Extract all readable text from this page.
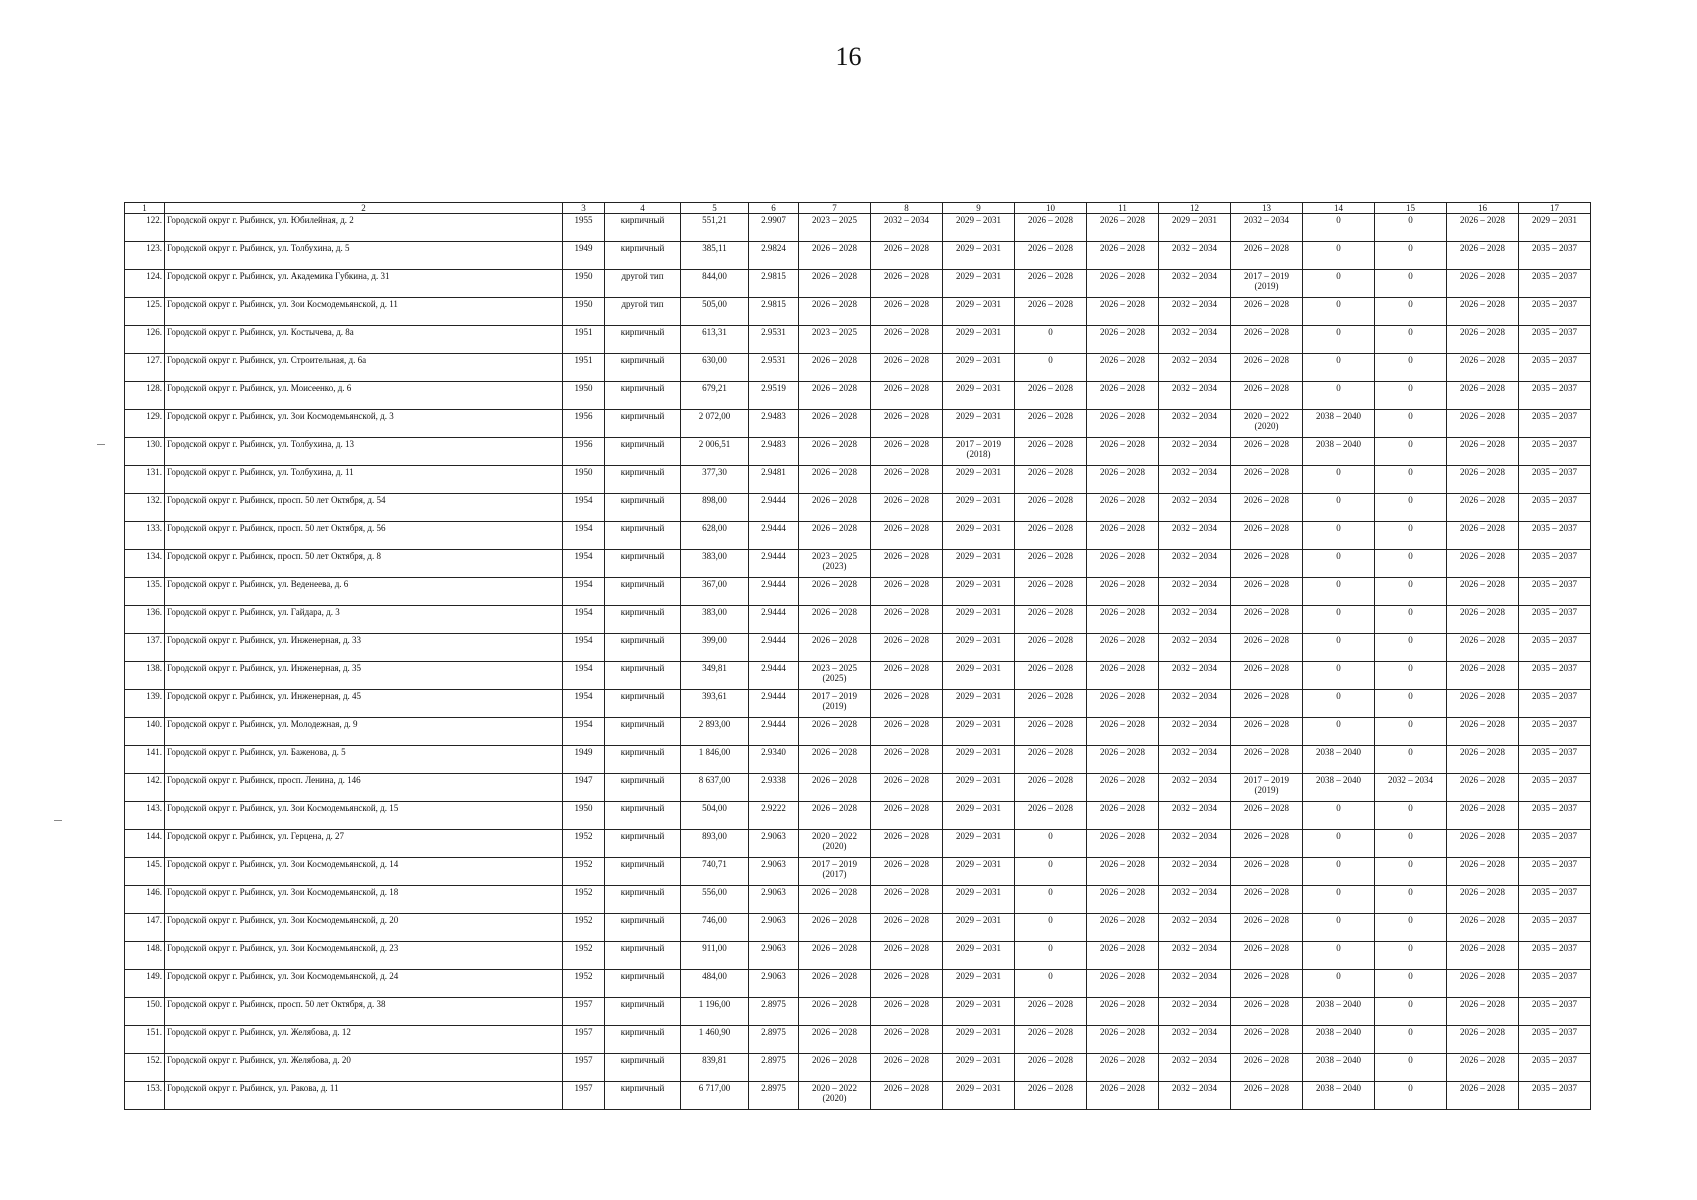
16
1	2	3	4	5	6	7	8	9	10	11	12	13	14	15	16	17
122.	Городской округ г. Рыбинск, ул. Юбилейная, д. 2	1955	кирпичный	551,21	2.9907	2023 – 2025	2032 – 2034	2029 – 2031	2026 – 2028	2026 – 2028	2029 – 2031	2032 – 2034	0	0	2026 – 2028	2029 – 2031
123.	Городской округ г. Рыбинск, ул. Толбухина, д. 5	1949	кирпичный	385,11	2.9824	2026 – 2028	2026 – 2028	2029 – 2031	2026 – 2028	2026 – 2028	2032 – 2034	2026 – 2028	0	0	2026 – 2028	2035 – 2037
124.	Городской округ г. Рыбинск, ул. Академика Губкина, д. 31	1950	другой тип	844,00	2.9815	2026 – 2028	2026 – 2028	2029 – 2031	2026 – 2028	2026 – 2028	2032 – 2034	2017 – 2019 (2019)	0	0	2026 – 2028	2035 – 2037
125.	Городской округ г. Рыбинск, ул. Зои Космодемьянской, д. 11	1950	другой тип	505,00	2.9815	2026 – 2028	2026 – 2028	2029 – 2031	2026 – 2028	2026 – 2028	2032 – 2034	2026 – 2028	0	0	2026 – 2028	2035 – 2037
126.	Городской округ г. Рыбинск, ул. Костычева, д. 8а	1951	кирпичный	613,31	2.9531	2023 – 2025	2026 – 2028	2029 – 2031	0	2026 – 2028	2032 – 2034	2026 – 2028	0	0	2026 – 2028	2035 – 2037
127.	Городской округ г. Рыбинск, ул. Строительная, д. 6а	1951	кирпичный	630,00	2.9531	2026 – 2028	2026 – 2028	2029 – 2031	0	2026 – 2028	2032 – 2034	2026 – 2028	0	0	2026 – 2028	2035 – 2037
128.	Городской округ г. Рыбинск, ул. Моисеенко, д. 6	1950	кирпичный	679,21	2.9519	2026 – 2028	2026 – 2028	2029 – 2031	2026 – 2028	2026 – 2028	2032 – 2034	2026 – 2028	0	0	2026 – 2028	2035 – 2037
129.	Городской округ г. Рыбинск, ул. Зои Космодемьянской, д. 3	1956	кирпичный	2 072,00	2.9483	2026 – 2028	2026 – 2028	2029 – 2031	2026 – 2028	2026 – 2028	2032 – 2034	2020 – 2022 (2020)	2038 – 2040	0	2026 – 2028	2035 – 2037
130.	Городской округ г. Рыбинск, ул. Толбухина, д. 13	1956	кирпичный	2 006,51	2.9483	2026 – 2028	2026 – 2028	2017 – 2019 (2018)	2026 – 2028	2026 – 2028	2032 – 2034	2026 – 2028	2038 – 2040	0	2026 – 2028	2035 – 2037
131.	Городской округ г. Рыбинск, ул. Толбухина, д. 11	1950	кирпичный	377,30	2.9481	2026 – 2028	2026 – 2028	2029 – 2031	2026 – 2028	2026 – 2028	2032 – 2034	2026 – 2028	0	0	2026 – 2028	2035 – 2037
132.	Городской округ г. Рыбинск, просп. 50 лет Октября, д. 54	1954	кирпичный	898,00	2.9444	2026 – 2028	2026 – 2028	2029 – 2031	2026 – 2028	2026 – 2028	2032 – 2034	2026 – 2028	0	0	2026 – 2028	2035 – 2037
133.	Городской округ г. Рыбинск, просп. 50 лет Октября, д. 56	1954	кирпичный	628,00	2.9444	2026 – 2028	2026 – 2028	2029 – 2031	2026 – 2028	2026 – 2028	2032 – 2034	2026 – 2028	0	0	2026 – 2028	2035 – 2037
134.	Городской округ г. Рыбинск, просп. 50 лет Октября, д. 8	1954	кирпичный	383,00	2.9444	2023 – 2025 (2023)	2026 – 2028	2029 – 2031	2026 – 2028	2026 – 2028	2032 – 2034	2026 – 2028	0	0	2026 – 2028	2035 – 2037
135.	Городской округ г. Рыбинск, ул. Веденеева, д. 6	1954	кирпичный	367,00	2.9444	2026 – 2028	2026 – 2028	2029 – 2031	2026 – 2028	2026 – 2028	2032 – 2034	2026 – 2028	0	0	2026 – 2028	2035 – 2037
136.	Городской округ г. Рыбинск, ул. Гайдара, д. 3	1954	кирпичный	383,00	2.9444	2026 – 2028	2026 – 2028	2029 – 2031	2026 – 2028	2026 – 2028	2032 – 2034	2026 – 2028	0	0	2026 – 2028	2035 – 2037
137.	Городской округ г. Рыбинск, ул. Инженерная, д. 33	1954	кирпичный	399,00	2.9444	2026 – 2028	2026 – 2028	2029 – 2031	2026 – 2028	2026 – 2028	2032 – 2034	2026 – 2028	0	0	2026 – 2028	2035 – 2037
138.	Городской округ г. Рыбинск, ул. Инженерная, д. 35	1954	кирпичный	349,81	2.9444	2023 – 2025 (2025)	2026 – 2028	2029 – 2031	2026 – 2028	2026 – 2028	2032 – 2034	2026 – 2028	0	0	2026 – 2028	2035 – 2037
139.	Городской округ г. Рыбинск, ул. Инженерная, д. 45	1954	кирпичный	393,61	2.9444	2017 – 2019 (2019)	2026 – 2028	2029 – 2031	2026 – 2028	2026 – 2028	2032 – 2034	2026 – 2028	0	0	2026 – 2028	2035 – 2037
140.	Городской округ г. Рыбинск, ул. Молодежная, д. 9	1954	кирпичный	2 893,00	2.9444	2026 – 2028	2026 – 2028	2029 – 2031	2026 – 2028	2026 – 2028	2032 – 2034	2026 – 2028	0	0	2026 – 2028	2035 – 2037
141.	Городской округ г. Рыбинск, ул. Баженова, д. 5	1949	кирпичный	1 846,00	2.9340	2026 – 2028	2026 – 2028	2029 – 2031	2026 – 2028	2026 – 2028	2032 – 2034	2026 – 2028	2038 – 2040	0	2026 – 2028	2035 – 2037
142.	Городской округ г. Рыбинск, просп. Ленина, д. 146	1947	кирпичный	8 637,00	2.9338	2026 – 2028	2026 – 2028	2029 – 2031	2026 – 2028	2026 – 2028	2032 – 2034	2017 – 2019 (2019)	2038 – 2040	2032 – 2034	2026 – 2028	2035 – 2037
143.	Городской округ г. Рыбинск, ул. Зои Космодемьянской, д. 15	1950	кирпичный	504,00	2.9222	2026 – 2028	2026 – 2028	2029 – 2031	2026 – 2028	2026 – 2028	2032 – 2034	2026 – 2028	0	0	2026 – 2028	2035 – 2037
144.	Городской округ г. Рыбинск, ул. Герцена, д. 27	1952	кирпичный	893,00	2.9063	2020 – 2022 (2020)	2026 – 2028	2029 – 2031	0	2026 – 2028	2032 – 2034	2026 – 2028	0	0	2026 – 2028	2035 – 2037
145.	Городской округ г. Рыбинск, ул. Зои Космодемьянской, д. 14	1952	кирпичный	740,71	2.9063	2017 – 2019 (2017)	2026 – 2028	2029 – 2031	0	2026 – 2028	2032 – 2034	2026 – 2028	0	0	2026 – 2028	2035 – 2037
146.	Городской округ г. Рыбинск, ул. Зои Космодемьянской, д. 18	1952	кирпичный	556,00	2.9063	2026 – 2028	2026 – 2028	2029 – 2031	0	2026 – 2028	2032 – 2034	2026 – 2028	0	0	2026 – 2028	2035 – 2037
147.	Городской округ г. Рыбинск, ул. Зои Космодемьянской, д. 20	1952	кирпичный	746,00	2.9063	2026 – 2028	2026 – 2028	2029 – 2031	0	2026 – 2028	2032 – 2034	2026 – 2028	0	0	2026 – 2028	2035 – 2037
148.	Городской округ г. Рыбинск, ул. Зои Космодемьянской, д. 23	1952	кирпичный	911,00	2.9063	2026 – 2028	2026 – 2028	2029 – 2031	0	2026 – 2028	2032 – 2034	2026 – 2028	0	0	2026 – 2028	2035 – 2037
149.	Городской округ г. Рыбинск, ул. Зои Космодемьянской, д. 24	1952	кирпичный	484,00	2.9063	2026 – 2028	2026 – 2028	2029 – 2031	0	2026 – 2028	2032 – 2034	2026 – 2028	0	0	2026 – 2028	2035 – 2037
150.	Городской округ г. Рыбинск, просп. 50 лет Октября, д. 38	1957	кирпичный	1 196,00	2.8975	2026 – 2028	2026 – 2028	2029 – 2031	2026 – 2028	2026 – 2028	2032 – 2034	2026 – 2028	2038 – 2040	0	2026 – 2028	2035 – 2037
151.	Городской округ г. Рыбинск, ул. Желябова, д. 12	1957	кирпичный	1 460,90	2.8975	2026 – 2028	2026 – 2028	2029 – 2031	2026 – 2028	2026 – 2028	2032 – 2034	2026 – 2028	2038 – 2040	0	2026 – 2028	2035 – 2037
152.	Городской округ г. Рыбинск, ул. Желябова, д. 20	1957	кирпичный	839,81	2.8975	2026 – 2028	2026 – 2028	2029 – 2031	2026 – 2028	2026 – 2028	2032 – 2034	2026 – 2028	2038 – 2040	0	2026 – 2028	2035 – 2037
153.	Городской округ г. Рыбинск, ул. Ракова, д. 11	1957	кирпичный	6 717,00	2.8975	2020 – 2022 (2020)	2026 – 2028	2029 – 2031	2026 – 2028	2026 – 2028	2032 – 2034	2026 – 2028	2038 – 2040	0	2026 – 2028	2035 – 2037
